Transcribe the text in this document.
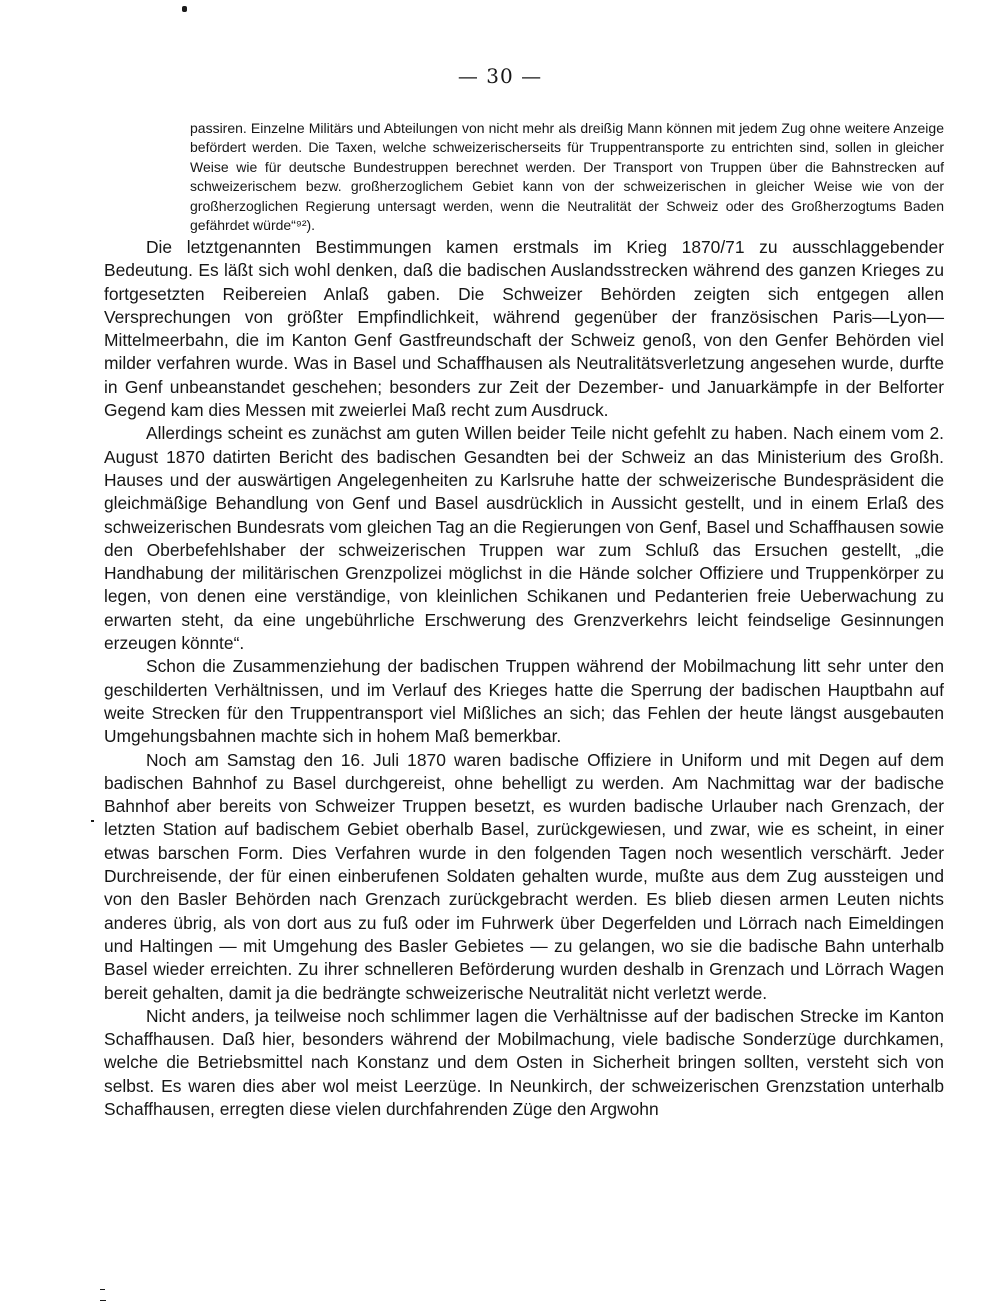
— 30 —

passiren. Einzelne Militärs und Abteilungen von nicht mehr als dreißig Mann können mit jedem Zug ohne weitere Anzeige befördert werden. Die Taxen, welche schweizerischerseits für Truppentransporte zu entrichten sind, sollen in gleicher Weise wie für deutsche Bundestruppen berechnet werden. Der Transport von Truppen über die Bahnstrecken auf schweizerischem bezw. großherzoglichem Gebiet kann von der schweizerischen in gleicher Weise wie von der großherzoglichen Regierung untersagt werden, wenn die Neutralität der Schweiz oder des Großherzogtums Baden gefährdet würde“⁹²).

Die letztgenannten Bestimmungen kamen erstmals im Krieg 1870/71 zu ausschlaggebender Bedeutung. Es läßt sich wohl denken, daß die badischen Auslandsstrecken während des ganzen Krieges zu fortgesetzten Reibereien Anlaß gaben. Die Schweizer Behörden zeigten sich entgegen allen Versprechungen von größter Empfindlichkeit, während gegenüber der französischen Paris—Lyon—Mittelmeerbahn, die im Kanton Genf Gastfreundschaft der Schweiz genoß, von den Genfer Behörden viel milder verfahren wurde. Was in Basel und Schaffhausen als Neutralitätsverletzung angesehen wurde, durfte in Genf unbeanstandet geschehen; besonders zur Zeit der Dezember- und Januarkämpfe in der Belforter Gegend kam dies Messen mit zweierlei Maß recht zum Ausdruck.

Allerdings scheint es zunächst am guten Willen beider Teile nicht gefehlt zu haben. Nach einem vom 2. August 1870 datirten Bericht des badischen Gesandten bei der Schweiz an das Ministerium des Großh. Hauses und der auswärtigen Angelegenheiten zu Karlsruhe hatte der schweizerische Bundespräsident die gleichmäßige Behandlung von Genf und Basel ausdrücklich in Aussicht gestellt, und in einem Erlaß des schweizerischen Bundesrats vom gleichen Tag an die Regierungen von Genf, Basel und Schaffhausen sowie den Oberbefehlshaber der schweizerischen Truppen war zum Schluß das Ersuchen gestellt, „die Handhabung der militärischen Grenzpolizei möglichst in die Hände solcher Offiziere und Truppenkörper zu legen, von denen eine verständige, von kleinlichen Schikanen und Pedanterien freie Ueberwachung zu erwarten steht, da eine ungebührliche Erschwerung des Grenzverkehrs leicht feindselige Gesinnungen erzeugen könnte“.

Schon die Zusammenziehung der badischen Truppen während der Mobilmachung litt sehr unter den geschilderten Verhältnissen, und im Verlauf des Krieges hatte die Sperrung der badischen Hauptbahn auf weite Strecken für den Truppentransport viel Mißliches an sich; das Fehlen der heute längst ausgebauten Umgehungsbahnen machte sich in hohem Maß bemerkbar.

Noch am Samstag den 16. Juli 1870 waren badische Offiziere in Uniform und mit Degen auf dem badischen Bahnhof zu Basel durchgereist, ohne behelligt zu werden. Am Nachmittag war der badische Bahnhof aber bereits von Schweizer Truppen besetzt, es wurden badische Urlauber nach Grenzach, der letzten Station auf badischem Gebiet oberhalb Basel, zurückgewiesen, und zwar, wie es scheint, in einer etwas barschen Form. Dies Verfahren wurde in den folgenden Tagen noch wesentlich verschärft. Jeder Durchreisende, der für einen einberufenen Soldaten gehalten wurde, mußte aus dem Zug aussteigen und von den Basler Behörden nach Grenzach zurückgebracht werden. Es blieb diesen armen Leuten nichts anderes übrig, als von dort aus zu fuß oder im Fuhrwerk über Degerfelden und Lörrach nach Eimeldingen und Haltingen — mit Umgehung des Basler Gebietes — zu gelangen, wo sie die badische Bahn unterhalb Basel wieder erreichten. Zu ihrer schnelleren Beförderung wurden deshalb in Grenzach und Lörrach Wagen bereit gehalten, damit ja die bedrängte schweizerische Neutralität nicht verletzt werde.

Nicht anders, ja teilweise noch schlimmer lagen die Verhältnisse auf der badischen Strecke im Kanton Schaffhausen. Daß hier, besonders während der Mobilmachung, viele badische Sonderzüge durchkamen, welche die Betriebsmittel nach Konstanz und dem Osten in Sicherheit bringen sollten, versteht sich von selbst. Es waren dies aber wol meist Leerzüge. In Neunkirch, der schweizerischen Grenzstation unterhalb Schaffhausen, erregten diese vielen durchfahrenden Züge den Argwohn
